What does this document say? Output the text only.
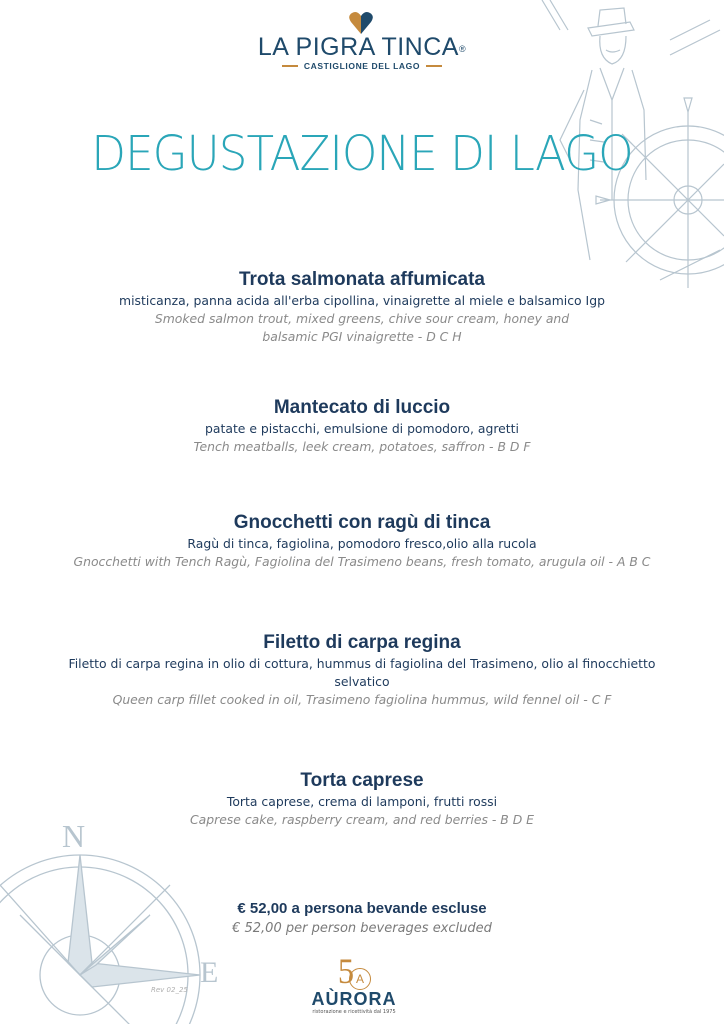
N
E
LA PIGRA TINCA®
CASTIGLIONE DEL LAGO
DEGUSTAZIONE DI LAGO
Trota salmonata affumicata
misticanza, panna acida all'erba cipollina, vinaigrette al miele e balsamico Igp
Smoked salmon trout, mixed greens, chive sour cream, honey and
balsamic PGI vinaigrette - D C H
Mantecato di luccio
patate e pistacchi, emulsione di pomodoro, agretti
Tench meatballs, leek cream, potatoes, saffron - B D F
Gnocchetti con ragù di tinca
Ragù di tinca, fagiolina, pomodoro fresco,olio alla rucola
Gnocchetti with Tench Ragù, Fagiolina del Trasimeno beans, fresh tomato, arugula oil - A B C
Filetto di carpa regina
Filetto di carpa regina in olio di cottura, hummus di fagiolina del Trasimeno, olio al finocchietto
selvatico
Queen carp fillet cooked in oil, Trasimeno fagiolina hummus, wild fennel oil - C F
Torta caprese
Torta caprese, crema di lamponi, frutti rossi
Caprese cake, raspberry cream, and red berries - B D E
€ 52,00 a persona bevande escluse
€ 52,00 per person beverages excluded
Rev 02_25	5 A
AÙRORA
ristorazione e ricettività dal 1975
